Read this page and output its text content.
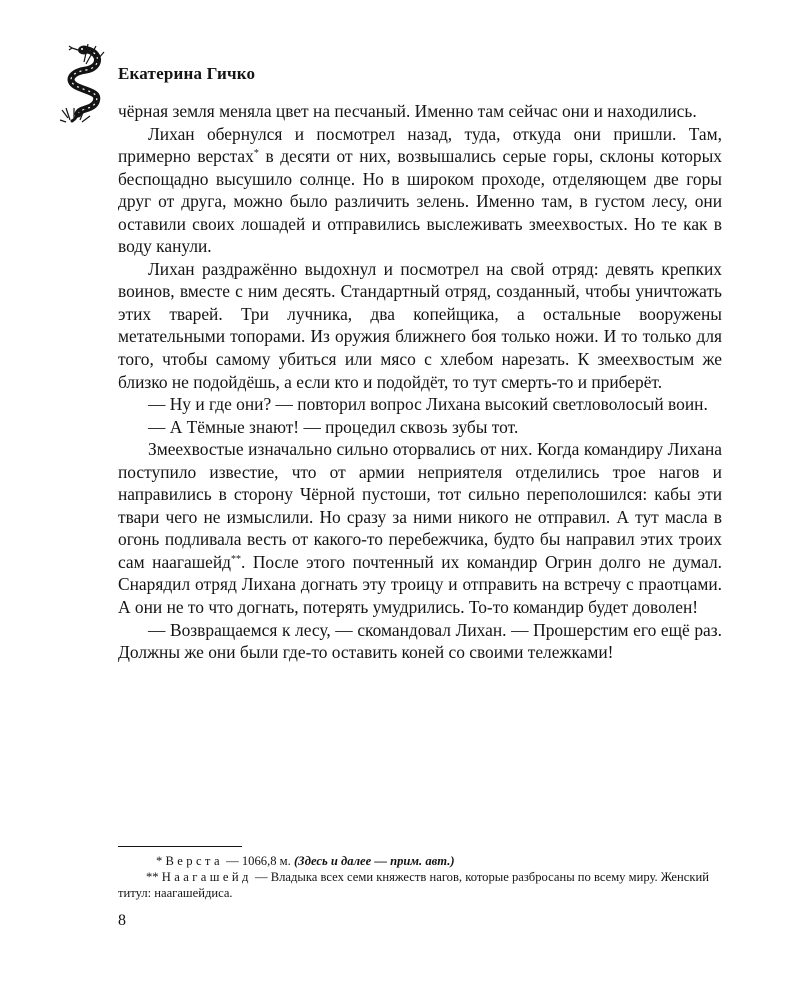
Екатерина Гичко

чёрная земля меняла цвет на песчаный. Именно там сейчас они и находились.

Лихан обернулся и посмотрел назад, туда, откуда они пришли. Там, примерно верстах* в десяти от них, возвышались серые горы, склоны которых беспощадно высушило солнце. Но в широком проходе, отделяющем две горы друг от друга, можно было различить зелень. Именно там, в густом лесу, они оставили своих лошадей и отправились выслеживать змеехвостых. Но те как в воду канули.

Лихан раздражённо выдохнул и посмотрел на свой отряд: девять крепких воинов, вместе с ним десять. Стандартный отряд, созданный, чтобы уничтожать этих тварей. Три лучника, два копейщика, а остальные вооружены метательными топорами. Из оружия ближнего боя только ножи. И то только для того, чтобы самому убиться или мясо с хлебом нарезать. К змеехвостым же близко не подойдёшь, а если кто и подойдёт, то тут смерть-то и приберёт.

— Ну и где они? — повторил вопрос Лихана высокий светловолосый воин.

— А Тёмные знают! — процедил сквозь зубы тот.

Змеехвостые изначально сильно оторвались от них. Когда командиру Лихана поступило известие, что от армии неприятеля отделились трое нагов и направились в сторону Чёрной пустоши, тот сильно переполошился: кабы эти твари чего не измыслили. Но сразу за ними никого не отправил. А тут масла в огонь подливала весть от какого-то перебежчика, будто бы направил этих троих сам наагашейд**. После этого почтенный их командир Огрин долго не думал. Снарядил отряд Лихана догнать эту троицу и отправить на встречу с праотцами. А они не то что догнать, потерять умудрились. То-то командир будет доволен!

— Возвращаемся к лесу, — скомандовал Лихан. — Прошерстим его ещё раз. Должны же они были где-то оставить коней со своими тележками!

* Верста — 1066,8 м. (Здесь и далее — прим. авт.)

** Наагашейд — Владыка всех семи княжеств нагов, которые разбросаны по всему миру. Женский титул: наагашейдиса.

8
